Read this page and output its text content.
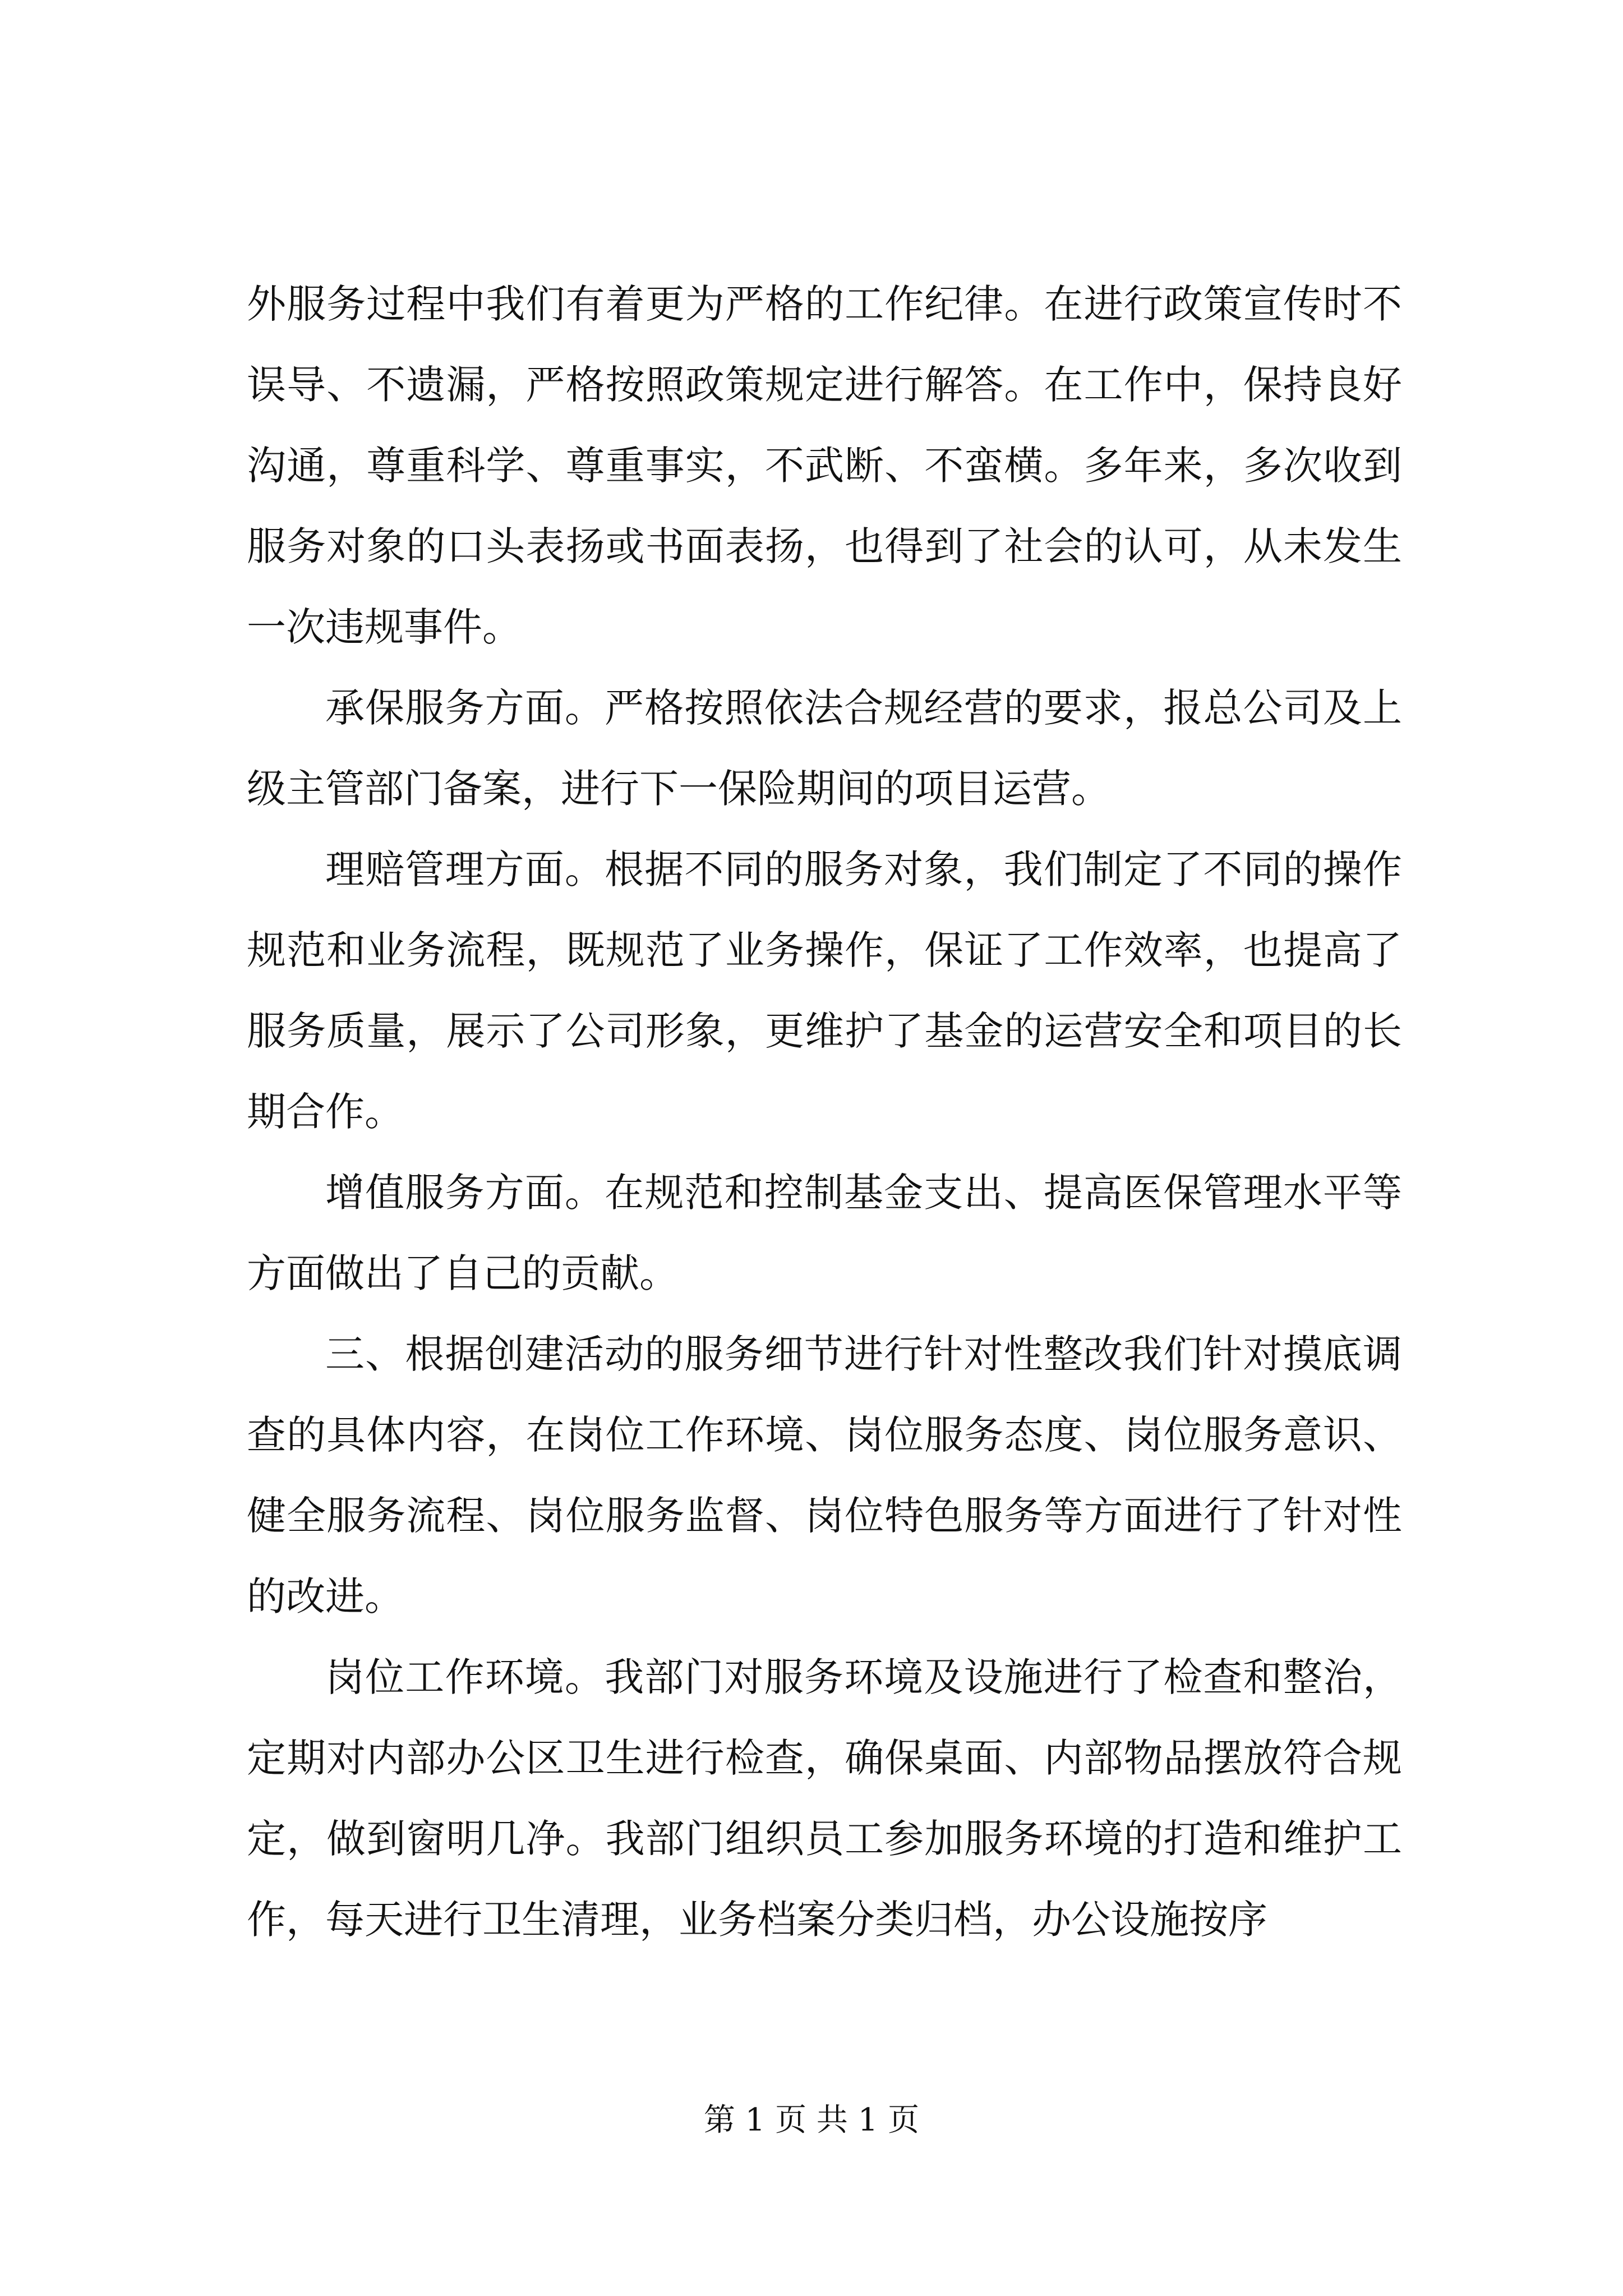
外服务过程中我们有着更为严格的工作纪律。在进行政策宣传时不误导、不遗漏，严格按照政策规定进行解答。在工作中，保持良好沟通，尊重科学、尊重事实，不武断、不蛮横。多年来，多次收到服务对象的口头表扬或书面表扬，也得到了社会的认可，从未发生一次违规事件。

承保服务方面。严格按照依法合规经营的要求，报总公司及上级主管部门备案，进行下一保险期间的项目运营。

理赔管理方面。根据不同的服务对象，我们制定了不同的操作规范和业务流程，既规范了业务操作，保证了工作效率，也提高了服务质量，展示了公司形象，更维护了基金的运营安全和项目的长期合作。

增值服务方面。在规范和控制基金支出、提高医保管理水平等方面做出了自己的贡献。

三、根据创建活动的服务细节进行针对性整改我们针对摸底调查的具体内容，在岗位工作环境、岗位服务态度、岗位服务意识、健全服务流程、岗位服务监督、岗位特色服务等方面进行了针对性的改进。

岗位工作环境。我部门对服务环境及设施进行了检查和整治，定期对内部办公区卫生进行检查，确保桌面、内部物品摆放符合规定，做到窗明几净。我部门组织员工参加服务环境的打造和维护工作，每天进行卫生清理，业务档案分类归档，办公设施按序

第 1 页 共 1 页
